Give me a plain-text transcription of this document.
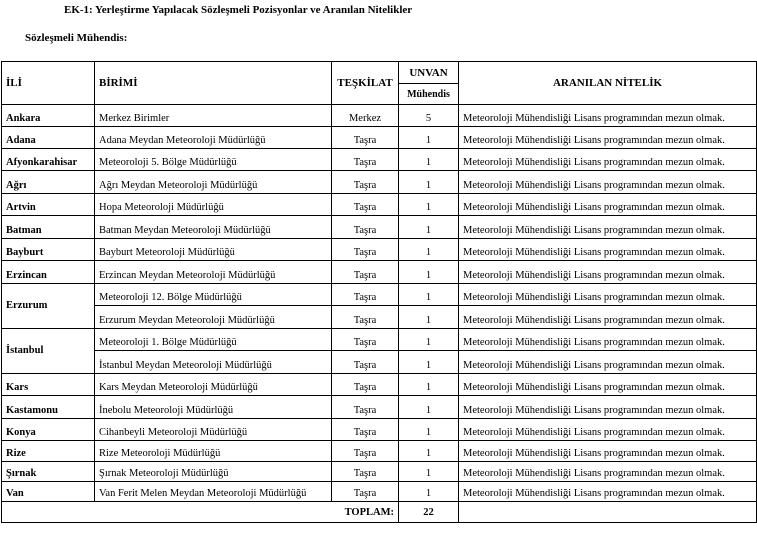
EK-1: Yerleştirme Yapılacak Sözleşmeli Pozisyonlar ve Aranılan Nitelikler
Sözleşmeli Mühendis:
İLİ	BİRİMİ	TEŞKİLAT	UNVAN	ARANILAN NİTELİK
			Mühendis	
Ankara	Merkez Birimler	Merkez	5	Meteoroloji Mühendisliği Lisans programından mezun olmak.
Adana	Adana Meydan Meteoroloji Müdürlüğü	Taşra	1	Meteoroloji Mühendisliği Lisans programından mezun olmak.
Afyonkarahisar	Meteoroloji 5. Bölge Müdürlüğü	Taşra	1	Meteoroloji Mühendisliği Lisans programından mezun olmak.
Ağrı	Ağrı Meydan Meteoroloji Müdürlüğü	Taşra	1	Meteoroloji Mühendisliği Lisans programından mezun olmak.
Artvin	Hopa Meteoroloji Müdürlüğü	Taşra	1	Meteoroloji Mühendisliği Lisans programından mezun olmak.
Batman	Batman Meydan Meteoroloji Müdürlüğü	Taşra	1	Meteoroloji Mühendisliği Lisans programından mezun olmak.
Bayburt	Bayburt Meteoroloji Müdürlüğü	Taşra	1	Meteoroloji Mühendisliği Lisans programından mezun olmak.
Erzincan	Erzincan Meydan Meteoroloji Müdürlüğü	Taşra	1	Meteoroloji Mühendisliği Lisans programından mezun olmak.
Erzurum	Meteoroloji 12. Bölge Müdürlüğü	Taşra	1	Meteoroloji Mühendisliği Lisans programından mezun olmak.
	Erzurum Meydan Meteoroloji Müdürlüğü	Taşra	1	Meteoroloji Mühendisliği Lisans programından mezun olmak.
İstanbul	Meteoroloji 1. Bölge Müdürlüğü	Taşra	1	Meteoroloji Mühendisliği Lisans programından mezun olmak.
	İstanbul Meydan Meteoroloji Müdürlüğü	Taşra	1	Meteoroloji Mühendisliği Lisans programından mezun olmak.
Kars	Kars Meydan Meteoroloji Müdürlüğü	Taşra	1	Meteoroloji Mühendisliği Lisans programından mezun olmak.
Kastamonu	İnebolu Meteoroloji Müdürlüğü	Taşra	1	Meteoroloji Mühendisliği Lisans programından mezun olmak.
Konya	Cihanbeyli Meteoroloji Müdürlüğü	Taşra	1	Meteoroloji Mühendisliği Lisans programından mezun olmak.
Rize	Rize Meteoroloji Müdürlüğü	Taşra	1	Meteoroloji Mühendisliği Lisans programından mezun olmak.
Şırnak	Şırnak Meteoroloji Müdürlüğü	Taşra	1	Meteoroloji Mühendisliği Lisans programından mezun olmak.
Van	Van Ferit Melen Meydan Meteoroloji Müdürlüğü	Taşra	1	Meteoroloji Mühendisliği Lisans programından mezun olmak.
TOPLAM:			22	
